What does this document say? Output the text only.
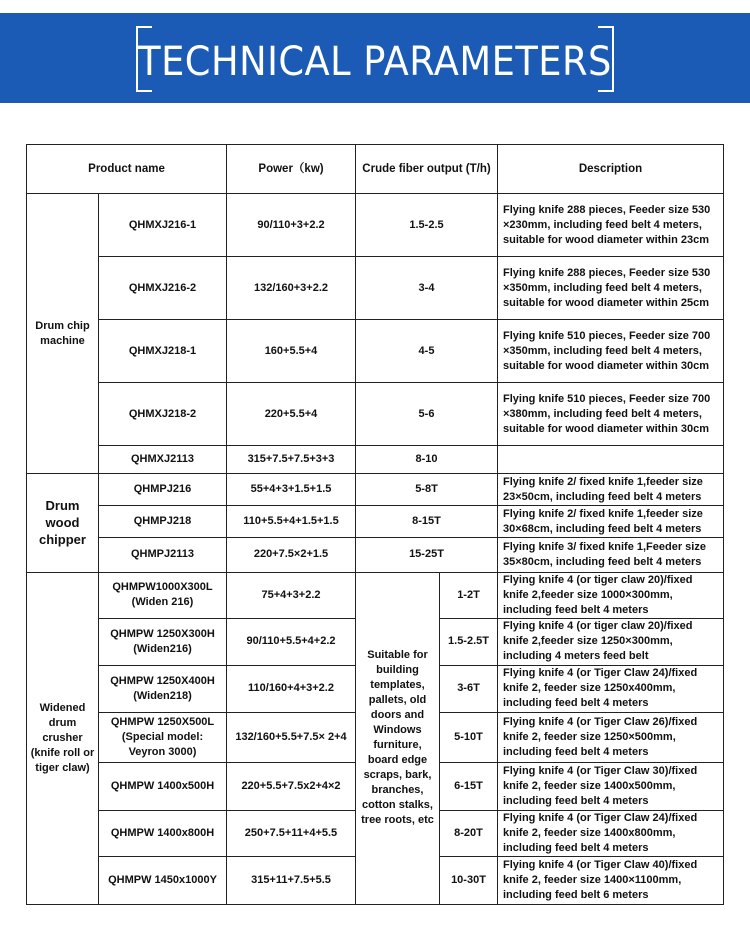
TECHNICAL PARAMETERS
Product name		Power（kw)	Crude fiber output (T/h)		Description
Drum chip machine	QHMXJ216-1	90/110+3+2.2	1.5-2.5		Flying knife 288 pieces, Feeder size 530 ×230mm, including feed belt 4 meters, suitable for wood diameter within 23cm
	QHMXJ216-2	132/160+3+2.2	3-4		Flying knife 288 pieces, Feeder size 530 ×350mm, including feed belt 4 meters, suitable for wood diameter within 25cm
	QHMXJ218-1	160+5.5+4	4-5		Flying knife 510 pieces, Feeder size 700 ×350mm, including feed belt 4 meters, suitable for wood diameter within 30cm
	QHMXJ218-2	220+5.5+4	5-6		Flying knife 510 pieces, Feeder size 700 ×380mm, including feed belt 4 meters, suitable for wood diameter within 30cm
	QHMXJ2113	315+7.5+7.5+3+3	8-10		
Drum wood chipper	QHMPJ216	55+4+3+1.5+1.5	5-8T		Flying knife 2/ fixed knife 1,feeder size 23×50cm, including feed belt 4 meters
	QHMPJ218	110+5.5+4+1.5+1.5	8-15T		Flying knife 2/ fixed knife 1,feeder size 30×68cm, including feed belt 4 meters
	QHMPJ2113	220+7.5×2+1.5	15-25T		Flying knife 3/ fixed knife 1,Feeder size 35×80cm, including feed belt 4 meters
Widened drum crusher (knife roll or tiger claw)	QHMPW1000X300L (Widen 216)	75+4+3+2.2	Suitable for building templates, pallets, old doors and Windows furniture, board edge scraps, bark, branches, cotton stalks, tree roots, etc	1-2T	Flying knife 4 (or tiger claw 20)/fixed knife 2,feeder size 1000×300mm, including feed belt 4 meters
	QHMPW 1250X300H (Widen216)	90/110+5.5+4+2.2		1.5-2.5T	Flying knife 4 (or tiger claw 20)/fixed knife 2,feeder size 1250×300mm, including 4 meters feed belt
	QHMPW 1250X400H (Widen218)	110/160+4+3+2.2		3-6T	Flying knife 4 (or Tiger Claw 24)/fixed knife 2, feeder size 1250x400mm, including feed belt 4 meters
	QHMPW 1250X500L (Special model: Veyron 3000)	132/160+5.5+7.5× 2+4		5-10T	Flying knife 4 (or Tiger Claw 26)/fixed knife 2, feeder size 1250×500mm, including feed belt 4 meters
	QHMPW 1400x500H	220+5.5+7.5x2+4×2		6-15T	Flying knife 4 (or Tiger Claw 30)/fixed knife 2, feeder size 1400x500mm, including feed belt 4 meters
	QHMPW 1400x800H	250+7.5+11+4+5.5		8-20T	Flying knife 4 (or Tiger Claw 24)/fixed knife 2, feeder size 1400x800mm, including feed belt 4 meters
	QHMPW 1450x1000Y	315+11+7.5+5.5		10-30T	Flying knife 4 (or Tiger Claw 40)/fixed knife 2, feeder size 1400×1100mm, including feed belt 6 meters
